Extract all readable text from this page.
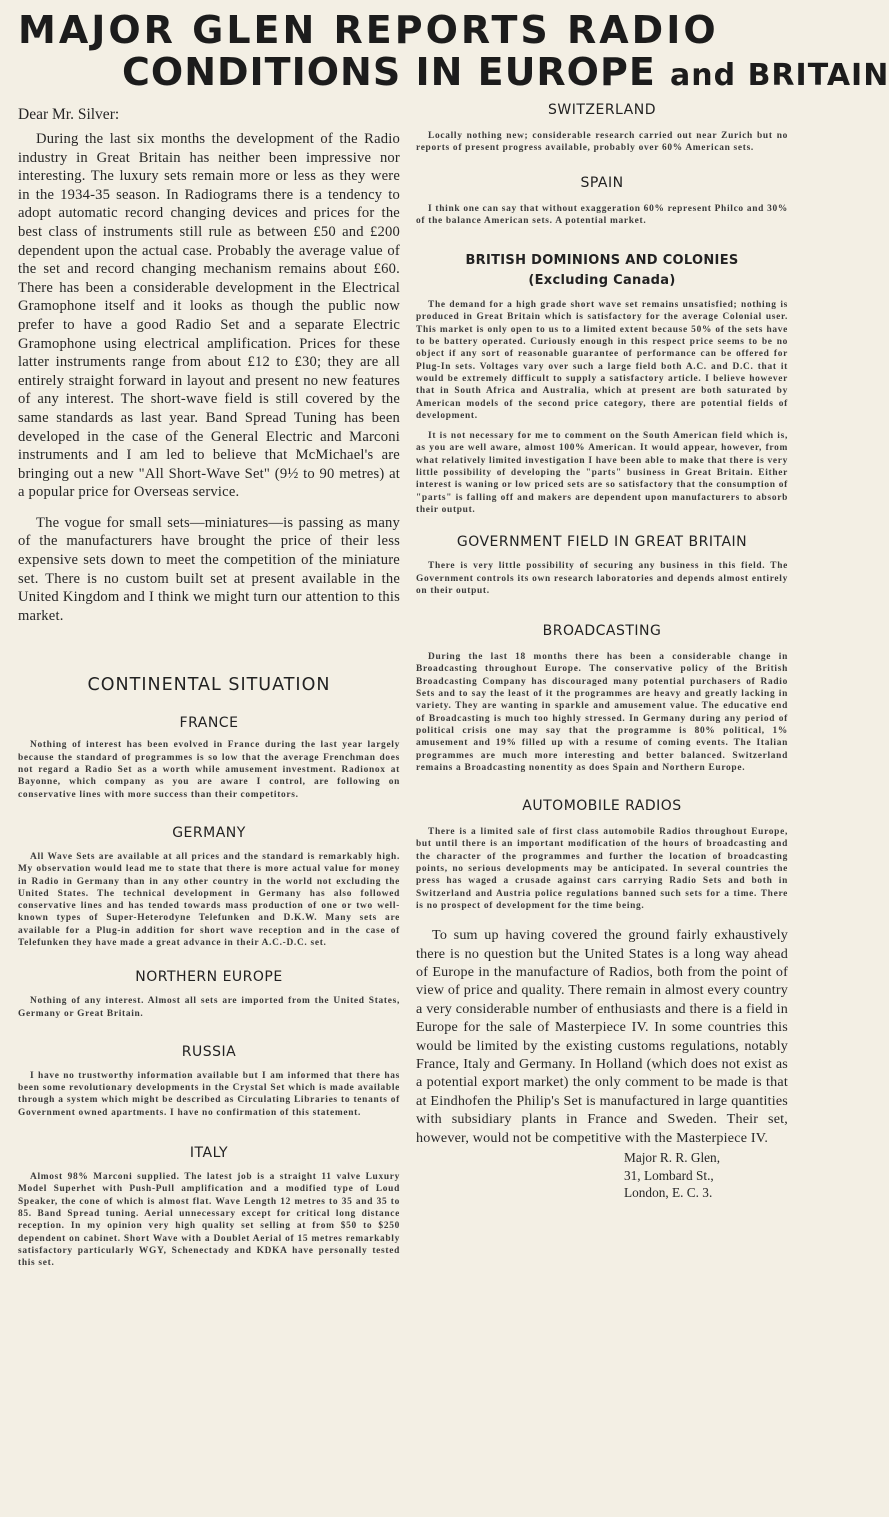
MAJOR GLEN REPORTS RADIO
CONDITIONS IN EUROPE and BRITAIN
Dear Mr. Silver:

During the last six months the development of the Radio industry in Great Britain has neither been impressive nor interesting. The luxury sets remain more or less as they were in the 1934-35 season. In Radiograms there is a tendency to adopt automatic record changing devices and prices for the best class of instruments still rule as between £50 and £200 dependent upon the actual case. Probably the average value of the set and record changing mechanism remains about £60. There has been a considerable development in the Electrical Gramophone itself and it looks as though the public now prefer to have a good Radio Set and a separate Electric Gramophone using electrical amplification. Prices for these latter instruments range from about £12 to £30; they are all entirely straight forward in layout and present no new features of any interest. The short-wave field is still covered by the same standards as last year. Band Spread Tuning has been developed in the case of the General Electric and Marconi instruments and I am led to believe that McMichael's are bringing out a new "All Short-Wave Set" (9½ to 90 metres) at a popular price for Overseas service.

The vogue for small sets—miniatures—is passing as many of the manufacturers have brought the price of their less expensive sets down to meet the competition of the miniature set. There is no custom built set at present available in the United Kingdom and I think we might turn our attention to this market.

CONTINENTAL SITUATION
FRANCE

Nothing of interest has been evolved in France during the last year largely because the standard of programmes is so low that the average Frenchman does not regard a Radio Set as a worth while amusement investment. Radionox at Bayonne, which company as you are aware I control, are following on conservative lines with more success than their competitors.

GERMANY

All Wave Sets are available at all prices and the standard is remarkably high. My observation would lead me to state that there is more actual value for money in Radio in Germany than in any other country in the world not excluding the United States. The technical development in Germany has also followed conservative lines and has tended towards mass production of one or two well-known types of Super-Heterodyne Telefunken and D.K.W. Many sets are available for a Plug-in addition for short wave reception and in the case of Telefunken they have made a great advance in their A.C.-D.C. set.

NORTHERN EUROPE

Nothing of any interest. Almost all sets are imported from the United States, Germany or Great Britain.

RUSSIA

I have no trustworthy information available but I am informed that there has been some revolutionary developments in the Crystal Set which is made available through a system which might be described as Circulating Libraries to tenants of Government owned apartments. I have no confirmation of this statement.

ITALY

Almost 98% Marconi supplied. The latest job is a straight 11 valve Luxury Model Superhet with Push-Pull amplification and a modified type of Loud Speaker, the cone of which is almost flat. Wave Length 12 metres to 35 and 35 to 85. Band Spread tuning. Aerial unnecessary except for critical long distance reception. In my opinion very high quality set selling at from $50 to $250 dependent on cabinet. Short Wave with a Doublet Aerial of 15 metres remarkably satisfactory particularly WGY, Schenectady and KDKA have personally tested this set.

SWITZERLAND

Locally nothing new; considerable research carried out near Zurich but no reports of present progress available, probably over 60% American sets.

SPAIN

I think one can say that without exaggeration 60% represent Philco and 30% of the balance American sets. A potential market.

BRITISH DOMINIONS AND COLONIES
(Excluding Canada)

The demand for a high grade short wave set remains unsatisfied; nothing is produced in Great Britain which is satisfactory for the average Colonial user. This market is only open to us to a limited extent because 50% of the sets have to be battery operated. Curiously enough in this respect price seems to be no object if any sort of reasonable guarantee of performance can be offered for Plug-In sets. Voltages vary over such a large field both A.C. and D.C. that it would be extremely difficult to supply a satisfactory article. I believe however that in South Africa and Australia, which at present are both saturated by American models of the second price category, there are potential fields of development.

It is not necessary for me to comment on the South American field which is, as you are well aware, almost 100% American. It would appear, however, from what relatively limited investigation I have been able to make that there is very little possibility of developing the "parts" business in Great Britain. Either interest is waning or low priced sets are so satisfactory that the consumption of "parts" is falling off and makers are dependent upon manufacturers to absorb their output.

GOVERNMENT FIELD IN GREAT BRITAIN

There is very little possibility of securing any business in this field. The Government controls its own research laboratories and depends almost entirely on their output.

BROADCASTING

During the last 18 months there has been a considerable change in Broadcasting throughout Europe. The conservative policy of the British Broadcasting Company has discouraged many potential purchasers of Radio Sets and to say the least of it the programmes are heavy and greatly lacking in variety. They are wanting in sparkle and amusement value. The educative end of Broadcasting is much too highly stressed. In Germany during any period of political crisis one may say that the programme is 80% political, 1% amusement and 19% filled up with a resume of coming events. The Italian programmes are much more interesting and better balanced. Switzerland remains a Broadcasting nonentity as does Spain and Northern Europe.

AUTOMOBILE RADIOS

There is a limited sale of first class automobile Radios throughout Europe, but until there is an important modification of the hours of broadcasting and the character of the programmes and further the location of broadcasting points, no serious developments may be anticipated. In several countries the press has waged a crusade against cars carrying Radio Sets and both in Switzerland and Austria police regulations banned such sets for a time. There is no prospect of development for the time being.

To sum up having covered the ground fairly exhaustively there is no question but the United States is a long way ahead of Europe in the manufacture of Radios, both from the point of view of price and quality. There remain in almost every country a very considerable number of enthusiasts and there is a field in Europe for the sale of Masterpiece IV. In some countries this would be limited by the existing customs regulations, notably France, Italy and Germany. In Holland (which does not exist as a potential export market) the only comment to be made is that at Eindhofen the Philip's Set is manufactured in large quantities with subsidiary plants in France and Sweden. Their set, however, would not be competitive with the Masterpiece IV.

Major R. R. Glen,
31, Lombard St.,
London, E. C. 3.
